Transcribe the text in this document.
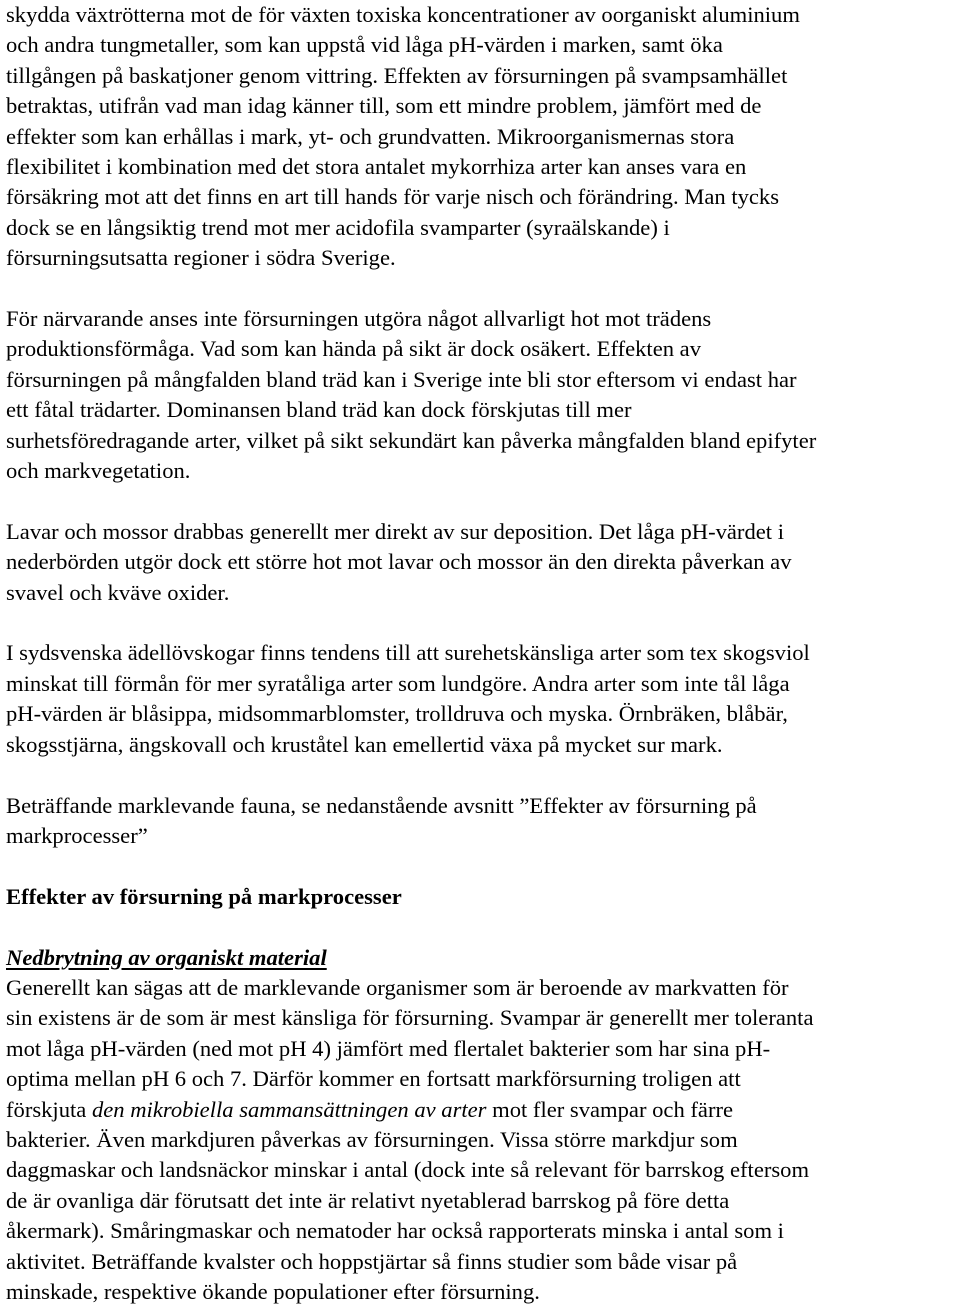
skydda växtrötterna mot de för växten toxiska koncentrationer av oorganiskt aluminium
och andra tungmetaller, som kan uppstå vid låga pH-värden i marken, samt öka
tillgången på baskatjoner genom vittring. Effekten av försurningen på svampsamhället
betraktas, utifrån vad man idag känner till, som ett mindre problem, jämfört med de
effekter som kan erhållas i mark, yt- och grundvatten. Mikroorganismernas stora
flexibilitet i kombination med det stora antalet mykorrhiza arter kan anses vara en
försäkring mot att det finns en art till hands för varje nisch och förändring. Man tycks
dock se en långsiktig trend mot mer acidofila svamparter (syraälskande) i
försurningsutsatta regioner i södra Sverige.

För närvarande anses inte försurningen utgöra något allvarligt hot mot trädens
produktionsförmåga. Vad som kan hända på sikt är dock osäkert. Effekten av
försurningen på mångfalden bland träd kan i Sverige inte bli stor eftersom vi endast har
ett fåtal trädarter. Dominansen bland träd kan dock förskjutas till mer
surhetsföredragande arter, vilket på sikt sekundärt kan påverka mångfalden bland epifyter
och markvegetation.

Lavar och mossor drabbas generellt mer direkt av sur deposition. Det låga pH-värdet i
nederbörden utgör dock ett större hot mot lavar och mossor än den direkta påverkan av
svavel och kväve oxider.

I sydsvenska ädellövskogar finns tendens till att surehetskänsliga arter som tex skogsviol
minskat till förmån för mer syratåliga arter som lundgöre. Andra arter som inte tål låga
pH-värden är blåsippa, midsommarblomster, trolldruva och myska. Örnbräken, blåbär,
skogsstjärna, ängskovall och kruståtel kan emellertid växa på mycket sur mark.

Beträffande marklevande fauna, se nedanstående avsnitt ”Effekter av försurning på
markprocesser”

Effekter av försurning på markprocesser

Nedbrytning av organiskt material

Generellt kan sägas att de marklevande organismer som är beroende av markvatten för
sin existens är de som är mest känsliga för försurning. Svampar är generellt mer toleranta
mot låga pH-värden (ned mot pH 4) jämfört med flertalet bakterier som har sina pH-
optima mellan pH 6 och 7. Därför kommer en fortsatt markförsurning troligen att
förskjuta den mikrobiella sammansättningen av arter mot fler svampar och färre
bakterier. Även markdjuren påverkas av försurningen. Vissa större markdjur som
daggmaskar och landsnäckor minskar i antal (dock inte så relevant för barrskog eftersom
de är ovanliga där förutsatt det inte är relativt nyetablerad barrskog på före detta
åkermark). Småringmaskar och nematoder har också rapporterats minska i antal som i
aktivitet. Beträffande kvalster och hoppstjärtar så finns studier som både visar på
minskade, respektive ökande populationer efter försurning.
